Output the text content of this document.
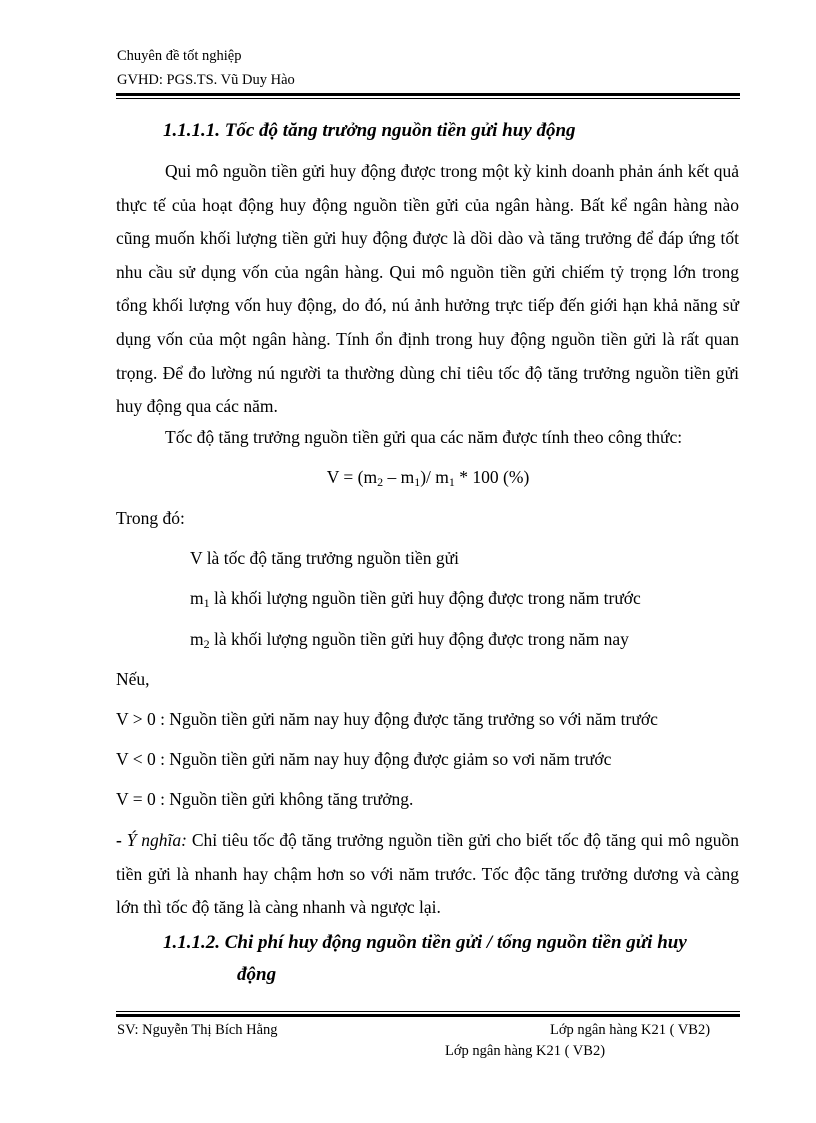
Chuyên đề tốt nghiệp
GVHD: PGS.TS. Vũ Duy Hào
1.1.1.1. Tốc độ tăng trưởng nguồn tiền gửi huy động

Qui mô nguồn tiền gửi huy động được trong một kỳ kinh doanh phản ánh kết quả thực tế của hoạt động huy động nguồn tiền gửi của ngân hàng. Bất kể ngân hàng nào cũng muốn khối lượng tiền gửi huy động được là dồi dào và tăng trưởng để đáp ứng tốt nhu cầu sử dụng vốn của ngân hàng. Qui mô nguồn tiền gửi chiếm tỷ trọng lớn trong tổng khối lượng vốn huy động, do đó, nú ảnh hưởng trực tiếp đến giới hạn khả năng sử dụng vốn của một ngân hàng. Tính ổn định trong huy động nguồn tiền gửi là rất quan trọng. Để đo lường nú người ta thường dùng chỉ tiêu tốc độ tăng trưởng nguồn tiền gửi huy động qua các năm.

Tốc độ tăng trưởng nguồn tiền gửi qua các năm được tính theo công thức:
$V = (m_2 - m_1)/$ $m_1 * 100$ (%)
Trong đó:
V là tốc độ tăng trưởng nguồn tiền gửi
$m_1$ là khối lượng nguồn tiền gửi huy động được trong năm trước
$m_2$ là khối lượng nguồn tiền gửi huy động được trong năm nay
Nếu,
V > 0 : Nguồn tiền gửi năm nay huy động được tăng trưởng so với năm trước
V < 0 : Nguồn tiền gửi năm nay huy động được giảm so vơi năm trước
V = 0 : Nguồn tiền gửi không tăng trưởng.

- Ý nghĩa: Chỉ tiêu tốc độ tăng trưởng nguồn tiền gửi cho biết tốc độ tăng qui mô nguồn tiền gửi là nhanh hay chậm hơn so với năm trước. Tốc độc tăng trưởng dương và càng lớn thì tốc độ tăng là càng nhanh và ngược lại.

1.1.1.2. Chi phí huy động nguồn tiền gửi / tổng nguồn tiền gửi huy
động
SV: Nguyễn Thị Bích Hằng	Lớp ngân hàng K21 ( VB2)
Lớp ngân hàng K21 ( VB2)
